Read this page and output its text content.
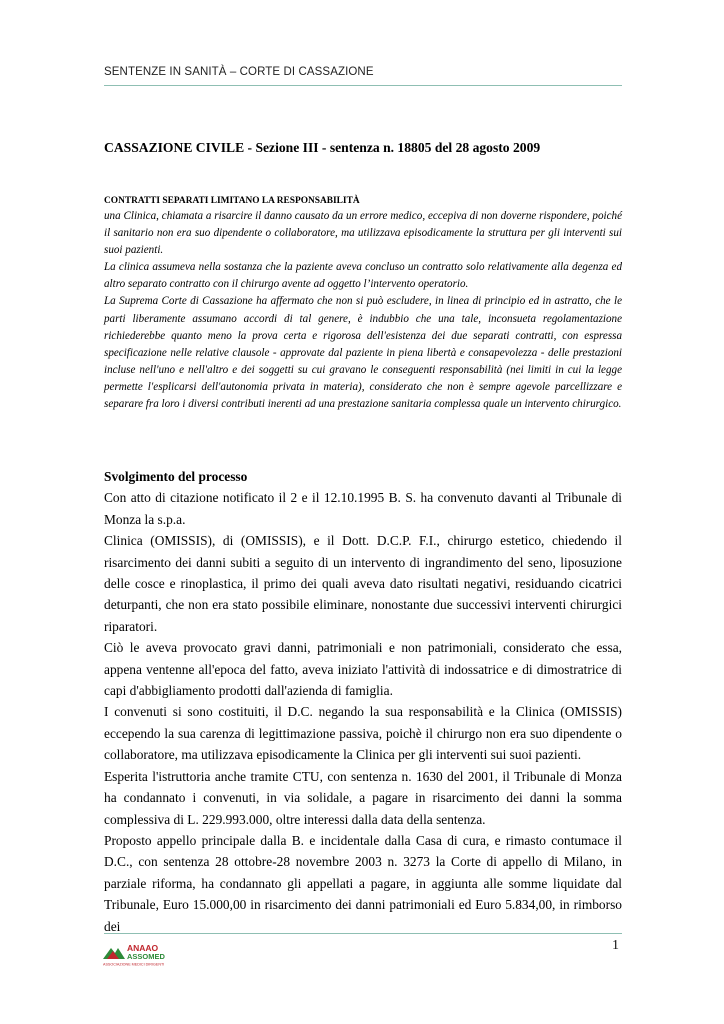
SENTENZE IN SANITÀ – CORTE DI CASSAZIONE
CASSAZIONE CIVILE - Sezione III - sentenza n. 18805 del 28 agosto 2009
CONTRATTI SEPARATI LIMITANO LA RESPONSABILITÀ

una Clinica, chiamata a risarcire il danno causato da un errore medico, eccepiva di non doverne rispondere, poiché il sanitario non era suo dipendente o collaboratore, ma utilizzava episodicamente la struttura per gli interventi sui suoi pazienti.

La clinica assumeva nella sostanza che la paziente aveva concluso un contratto solo relativamente alla degenza ed altro separato contratto con il chirurgo avente ad oggetto l’intervento operatorio.

La Suprema Corte di Cassazione ha affermato che non si può escludere, in linea di principio ed in astratto, che le parti liberamente assumano accordi di tal genere, è indubbio che una tale, inconsueta regolamentazione richiederebbe quanto meno la prova certa e rigorosa dell'esistenza dei due separati contratti, con espressa specificazione nelle relative clausole - approvate dal paziente in piena libertà e consapevolezza - delle prestazioni incluse nell'uno e nell'altro e dei soggetti su cui gravano le conseguenti responsabilità (nei limiti in cui la legge permette l'esplicarsi dell'autonomia privata in materia), considerato che non è sempre agevole parcellizzare e separare fra loro i diversi contributi inerenti ad una prestazione sanitaria complessa quale un intervento chirurgico.

Svolgimento del processo

Con atto di citazione notificato il 2 e il 12.10.1995 B. S. ha convenuto davanti al Tribunale di Monza la s.p.a.

Clinica (OMISSIS), di (OMISSIS), e il Dott. D.C.P. F.I., chirurgo estetico, chiedendo il risarcimento dei danni subiti a seguito di un intervento di ingrandimento del seno, liposuzione delle cosce e rinoplastica, il primo dei quali aveva dato risultati negativi, residuando cicatrici deturpanti, che non era stato possibile eliminare, nonostante due successivi interventi chirurgici riparatori.

Ciò le aveva provocato gravi danni, patrimoniali e non patrimoniali, considerato che essa, appena ventenne all'epoca del fatto, aveva iniziato l'attività di indossatrice e di dimostratrice di capi d'abbigliamento prodotti dall'azienda di famiglia.

I convenuti si sono costituiti, il D.C. negando la sua responsabilità e la Clinica (OMISSIS) eccependo la sua carenza di legittimazione passiva, poichè il chirurgo non era suo dipendente o collaboratore, ma utilizzava episodicamente la Clinica per gli interventi sui suoi pazienti.

Esperita l'istruttoria anche tramite CTU, con sentenza n. 1630 del 2001, il Tribunale di Monza ha condannato i convenuti, in via solidale, a pagare in risarcimento dei danni la somma complessiva di L. 229.993.000, oltre interessi dalla data della sentenza.

Proposto appello principale dalla B. e incidentale dalla Casa di cura, e rimasto contumace il D.C., con sentenza 28 ottobre-28 novembre 2003 n. 3273 la Corte di appello di Milano, in parziale riforma, ha condannato gli appellati a pagare, in aggiunta alle somme liquidate dal Tribunale, Euro 15.000,00 in risarcimento dei danni patrimoniali ed Euro 5.834,00, in rimborso dei

ANAAO
ASSOMED
ASSOCIAZIONE MEDICI DIRIGENTI
1
